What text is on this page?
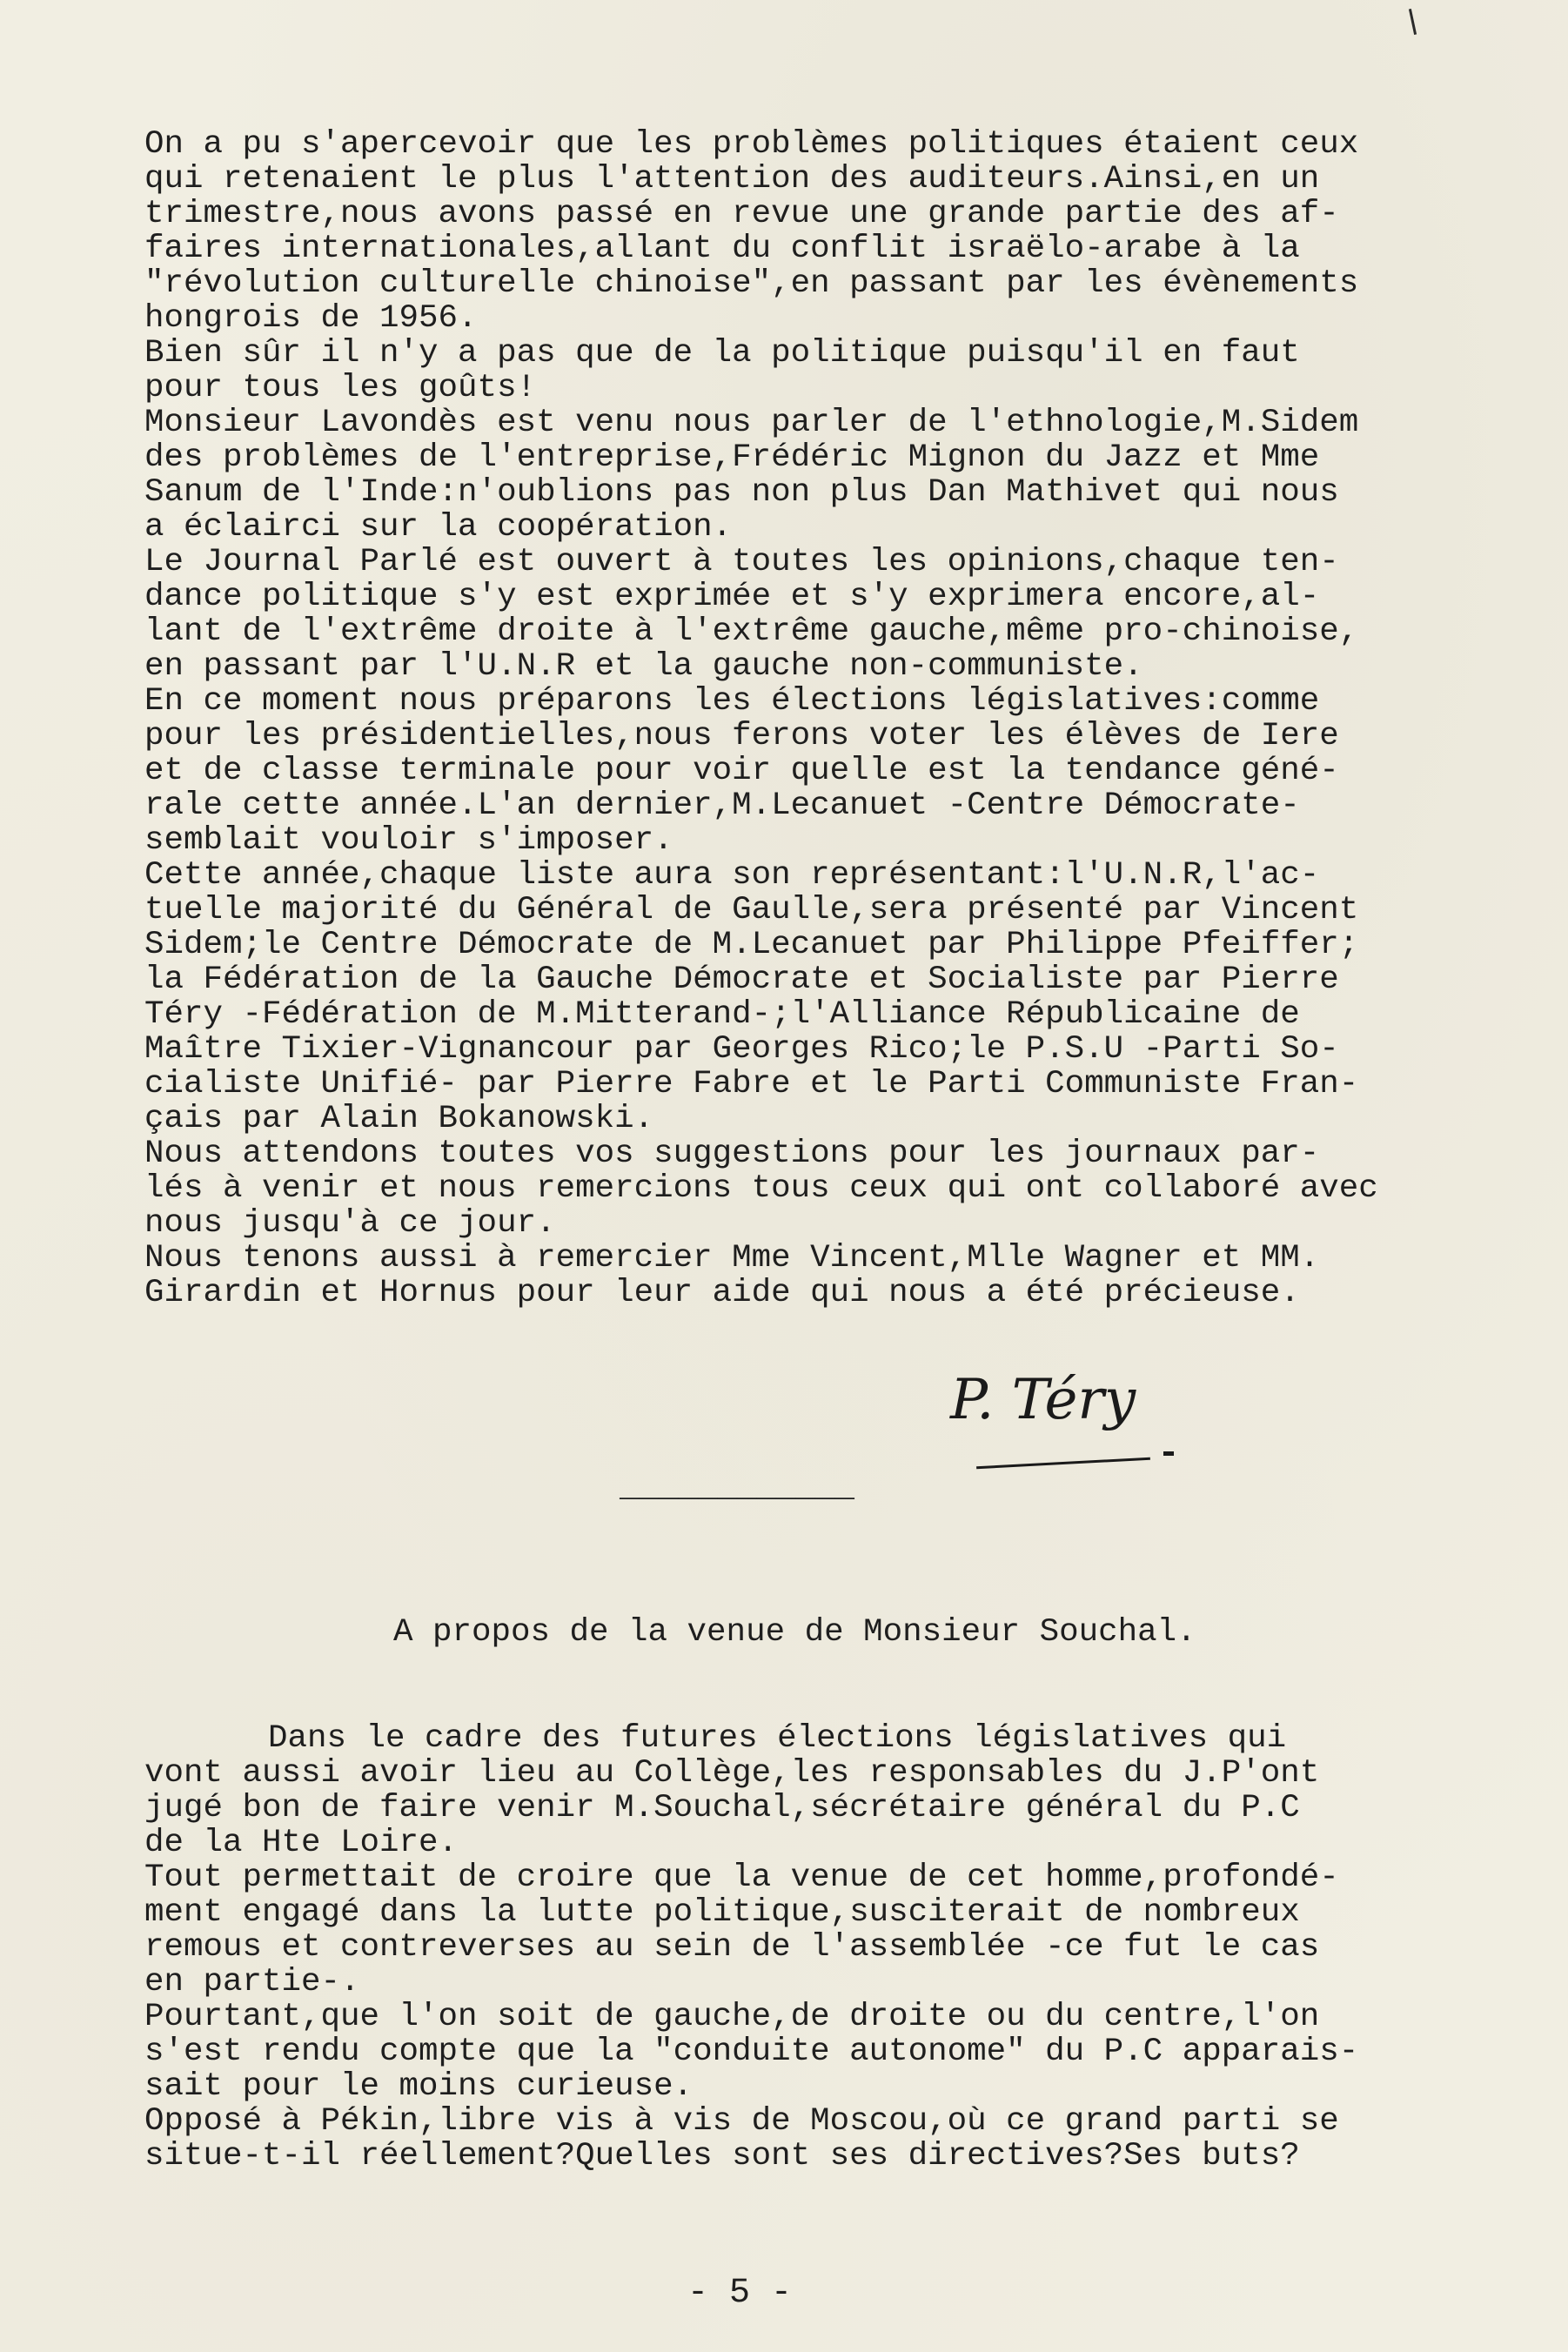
On a pu s'apercevoir que les problèmes politiques étaient ceux
qui retenaient le plus l'attention des auditeurs.Ainsi,en un
trimestre,nous avons passé en revue une grande partie des af-
faires internationales,allant du conflit israëlo-arabe à la
"révolution culturelle chinoise",en passant par les évènements
hongrois de 1956.
Bien sûr il n'y a pas que de la politique puisqu'il en faut
pour tous les goûts!
Monsieur Lavondès est venu nous parler de l'ethnologie,M.Sidem
des problèmes de l'entreprise,Frédéric Mignon du Jazz et Mme
Sanum de l'Inde:n'oublions pas non plus Dan Mathivet qui nous
a éclairci sur la coopération.
Le Journal Parlé est ouvert à toutes les opinions,chaque ten-
dance politique s'y est exprimée et s'y exprimera encore,al-
lant de l'extrême droite à l'extrême gauche,même pro-chinoise,
en passant par l'U.N.R et la gauche non-communiste.
En ce moment nous préparons les élections législatives:comme
pour les présidentielles,nous ferons voter les élèves de Iere
et de classe terminale pour voir quelle est la tendance géné-
rale cette année.L'an dernier,M.Lecanuet -Centre Démocrate-
semblait vouloir s'imposer.
Cette année,chaque liste aura son représentant:l'U.N.R,l'ac-
tuelle majorité du Général de Gaulle,sera présenté par Vincent
Sidem;le Centre Démocrate de M.Lecanuet par Philippe Pfeiffer;
la Fédération de la Gauche Démocrate et Socialiste par Pierre
Téry -Fédération de M.Mitterand-;l'Alliance Républicaine de
Maître Tixier-Vignancour par Georges Rico;le P.S.U -Parti So-
cialiste Unifié- par Pierre Fabre et le Parti Communiste Fran-
çais par Alain Bokanowski.
Nous attendons toutes vos suggestions pour les journaux par-
lés à venir et nous remercions tous ceux qui ont collaboré avec
nous jusqu'à ce jour.
Nous tenons aussi à remercier Mme Vincent,Mlle Wagner et MM.
Girardin et Hornus pour leur aide qui nous a été précieuse.
P. Téry
____________
A propos de la venue de Monsieur Souchal.
Dans le cadre des futures élections législatives qui
vont aussi avoir lieu au Collège,les responsables du J.P'ont
jugé bon de faire venir M.Souchal,sécrétaire général du P.C
de la Hte Loire.
Tout permettait de croire que la venue de cet homme,profondé-
ment engagé dans la lutte politique,susciterait de nombreux
remous et contreverses au sein de l'assemblée -ce fut le cas
en partie-.
Pourtant,que l'on soit de gauche,de droite ou du centre,l'on
s'est rendu compte que la "conduite autonome" du P.C apparais-
sait pour le moins curieuse.
Opposé à Pékin,libre vis à vis de Moscou,où ce grand parti se
situe-t-il réellement?Quelles sont ses directives?Ses buts?
- 5 -
